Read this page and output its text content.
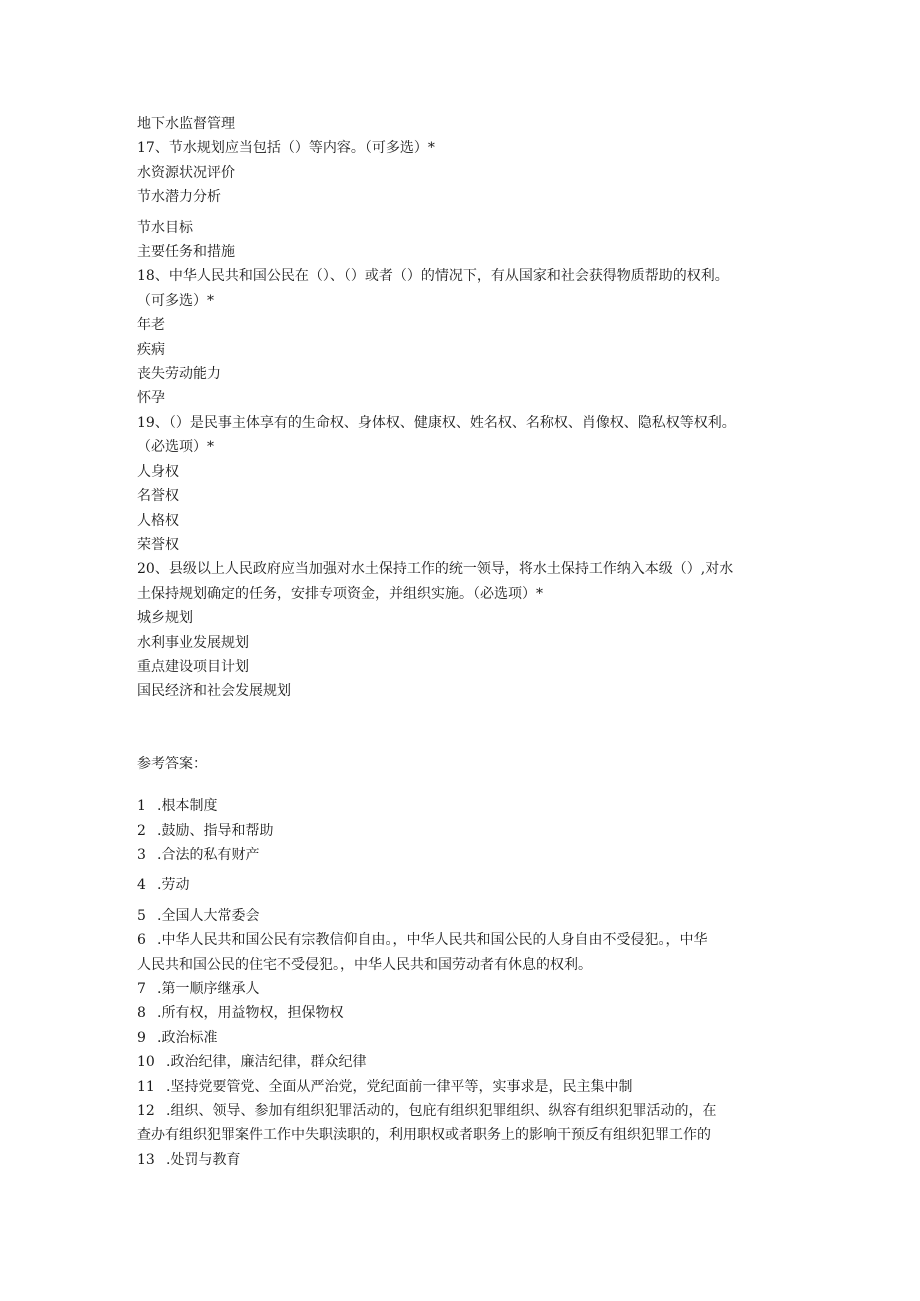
地下水监督管理
17、节水规划应当包括（）等内容。（可多选）*
水资源状况评价
节水潜力分析
节水目标
主要任务和措施
18、中华人民共和国公民在（）、（）或者（）的情况下，有从国家和社会获得物质帮助的权利。
（可多选）*
年老
疾病
丧失劳动能力
怀孕
19、（）是民事主体享有的生命权、身体权、健康权、姓名权、名称权、肖像权、隐私权等权利。
（必选项）*
人身权
名誉权
人格权
荣誉权
20、县级以上人民政府应当加强对水土保持工作的统一领导，将水土保持工作纳入本级（）,对水
土保持规划确定的任务，安排专项资金，并组织实施。（必选项）*
城乡规划
水利事业发展规划
重点建设项目计划
国民经济和社会发展规划
参考答案：
1 .根本制度
2 .鼓励、指导和帮助
3 .合法的私有财产
4 .劳动
5 .全国人大常委会
6 .中华人民共和国公民有宗教信仰自由。，中华人民共和国公民的人身自由不受侵犯。，中华
人民共和国公民的住宅不受侵犯。，中华人民共和国劳动者有休息的权利。
7 .第一顺序继承人
8 .所有权，用益物权，担保物权
9 .政治标准
10 .政治纪律，廉洁纪律，群众纪律
11 .坚持党要管党、全面从严治党，党纪面前一律平等，实事求是，民主集中制
12 .组织、领导、参加有组织犯罪活动的，包庇有组织犯罪组织、纵容有组织犯罪活动的，在
查办有组织犯罪案件工作中失职渎职的，利用职权或者职务上的影响干预反有组织犯罪工作的
13 .处罚与教育
